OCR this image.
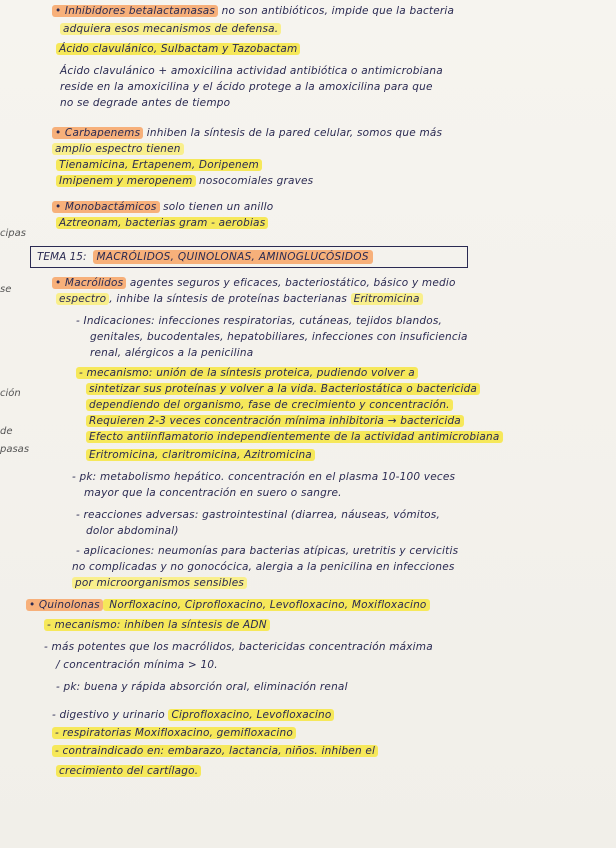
cipas
se
ción
de
pasas
TEMA 15: MACRÓLIDOS, QUINOLONAS, AMINOGLUCÓSIDOS
• Inhibidores betalactamasas no son antibióticos, impide que la bacteria
adquiera esos mecanismos de defensa.
Ácido clavulánico, Sulbactam y Tazobactam
Ácido clavulánico + amoxicilina actividad antibiótica o antimicrobiana
reside en la amoxicilina y el ácido protege a la amoxicilina para que
no se degrade antes de tiempo
• Carbapenems inhiben la síntesis de la pared celular, somos que más
amplio espectro tienen
Tienamicina, Ertapenem, Doripenem
Imipenem y meropenem nosocomiales graves
• Monobactámicos solo tienen un anillo
Aztreonam, bacterias gram - aerobias
• Macrólidos agentes seguros y eficaces, bacteriostático, básico y medio
espectro , inhibe la síntesis de proteínas bacterianas Eritromicina
- Indicaciones: infecciones respiratorias, cutáneas, tejidos blandos,
genitales, bucodentales, hepatobiliares, infecciones con insuficiencia
renal, alérgicos a la penicilina
- mecanismo: unión de la síntesis proteica, pudiendo volver a
sintetizar sus proteínas y volver a la vida. Bacteriostática o bactericida
dependiendo del organismo, fase de crecimiento y concentración.
Requieren 2-3 veces concentración mínima inhibitoria → bactericida
Efecto antiinflamatorio independientemente de la actividad antimicrobiana
Eritromicina, claritromicina, Azitromicina
- pk: metabolismo hepático. concentración en el plasma 10-100 veces
mayor que la concentración en suero o sangre.
- reacciones adversas: gastrointestinal (diarrea, náuseas, vómitos,
dolor abdominal)
- aplicaciones: neumonías para bacterias atípicas, uretritis y cervicitis
no complicadas y no gonocócica, alergia a la penicilina en infecciones
por microorganismos sensibles
• Quinolonas Norfloxacino, Ciprofloxacino, Levofloxacino, Moxifloxacino
- mecanismo: inhiben la síntesis de ADN
- más potentes que los macrólidos, bactericidas concentración máxima
/ concentración mínima > 10.
- pk: buena y rápida absorción oral, eliminación renal
- digestivo y urinario Ciprofloxacino, Levofloxacino
- respiratorias Moxifloxacino, gemifloxacino
- contraindicado en: embarazo, lactancia, niños. inhiben el
crecimiento del cartílago.
